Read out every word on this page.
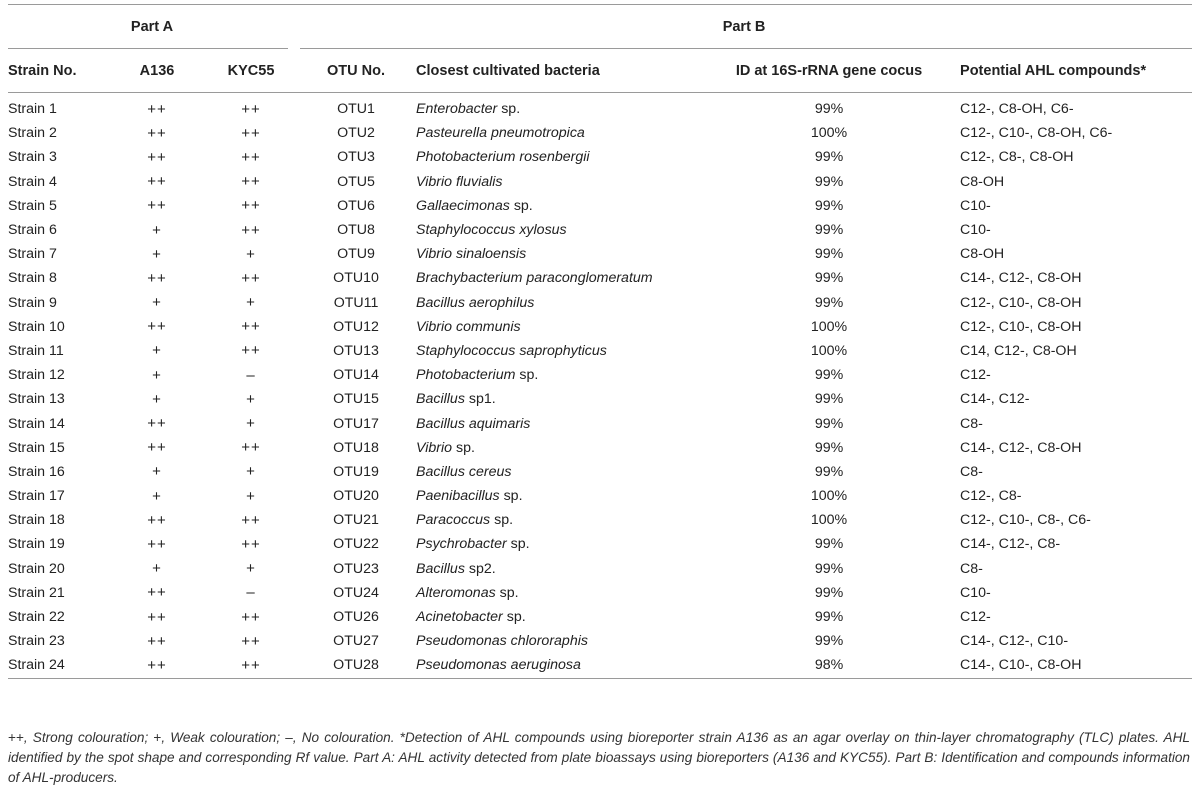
Part A			Part B			
Strain No.	A136	KYC55	OTU No.	Closest cultivated bacteria	ID at 16S-rRNA gene cocus	Potential AHL compounds*
Strain 1	++	++	OTU1	Enterobacter sp.	99%	C12-, C8-OH, C6-
Strain 2	++	++	OTU2	Pasteurella pneumotropica	100%	C12-, C10-, C8-OH, C6-
Strain 3	++	++	OTU3	Photobacterium rosenbergii	99%	C12-, C8-, C8-OH
Strain 4	++	++	OTU5	Vibrio fluvialis	99%	C8-OH
Strain 5	++	++	OTU6	Gallaecimonas sp.	99%	C10-
Strain 6	+	++	OTU8	Staphylococcus xylosus	99%	C10-
Strain 7	+	+	OTU9	Vibrio sinaloensis	99%	C8-OH
Strain 8	++	++	OTU10	Brachybacterium paraconglomeratum	99%	C14-, C12-, C8-OH
Strain 9	+	+	OTU11	Bacillus aerophilus	99%	C12-, C10-, C8-OH
Strain 10	++	++	OTU12	Vibrio communis	100%	C12-, C10-, C8-OH
Strain 11	+	++	OTU13	Staphylococcus saprophyticus	100%	C14, C12-, C8-OH
Strain 12	+	–	OTU14	Photobacterium sp.	99%	C12-
Strain 13	+	+	OTU15	Bacillus sp1.	99%	C14-, C12-
Strain 14	++	+	OTU17	Bacillus aquimaris	99%	C8-
Strain 15	++	++	OTU18	Vibrio sp.	99%	C14-, C12-, C8-OH
Strain 16	+	+	OTU19	Bacillus cereus	99%	C8-
Strain 17	+	+	OTU20	Paenibacillus sp.	100%	C12-, C8-
Strain 18	++	++	OTU21	Paracoccus sp.	100%	C12-, C10-, C8-, C6-
Strain 19	++	++	OTU22	Psychrobacter sp.	99%	C14-, C12-, C8-
Strain 20	+	+	OTU23	Bacillus sp2.	99%	C8-
Strain 21	++	–	OTU24	Alteromonas sp.	99%	C10-
Strain 22	++	++	OTU26	Acinetobacter sp.	99%	C12-
Strain 23	++	++	OTU27	Pseudomonas chlororaphis	99%	C14-, C12-, C10-
Strain 24	++	++	OTU28	Pseudomonas aeruginosa	98%	C14-, C10-, C8-OH
++, Strong colouration; +, Weak colouration; –, No colouration. *Detection of AHL compounds using bioreporter strain A136 as an agar overlay on thin-layer chromatography (TLC) plates. AHL identified by the spot shape and corresponding Rf value. Part A: AHL activity detected from plate bioassays using bioreporters (A136 and KYC55). Part B: Identification and compounds information of AHL-producers.
